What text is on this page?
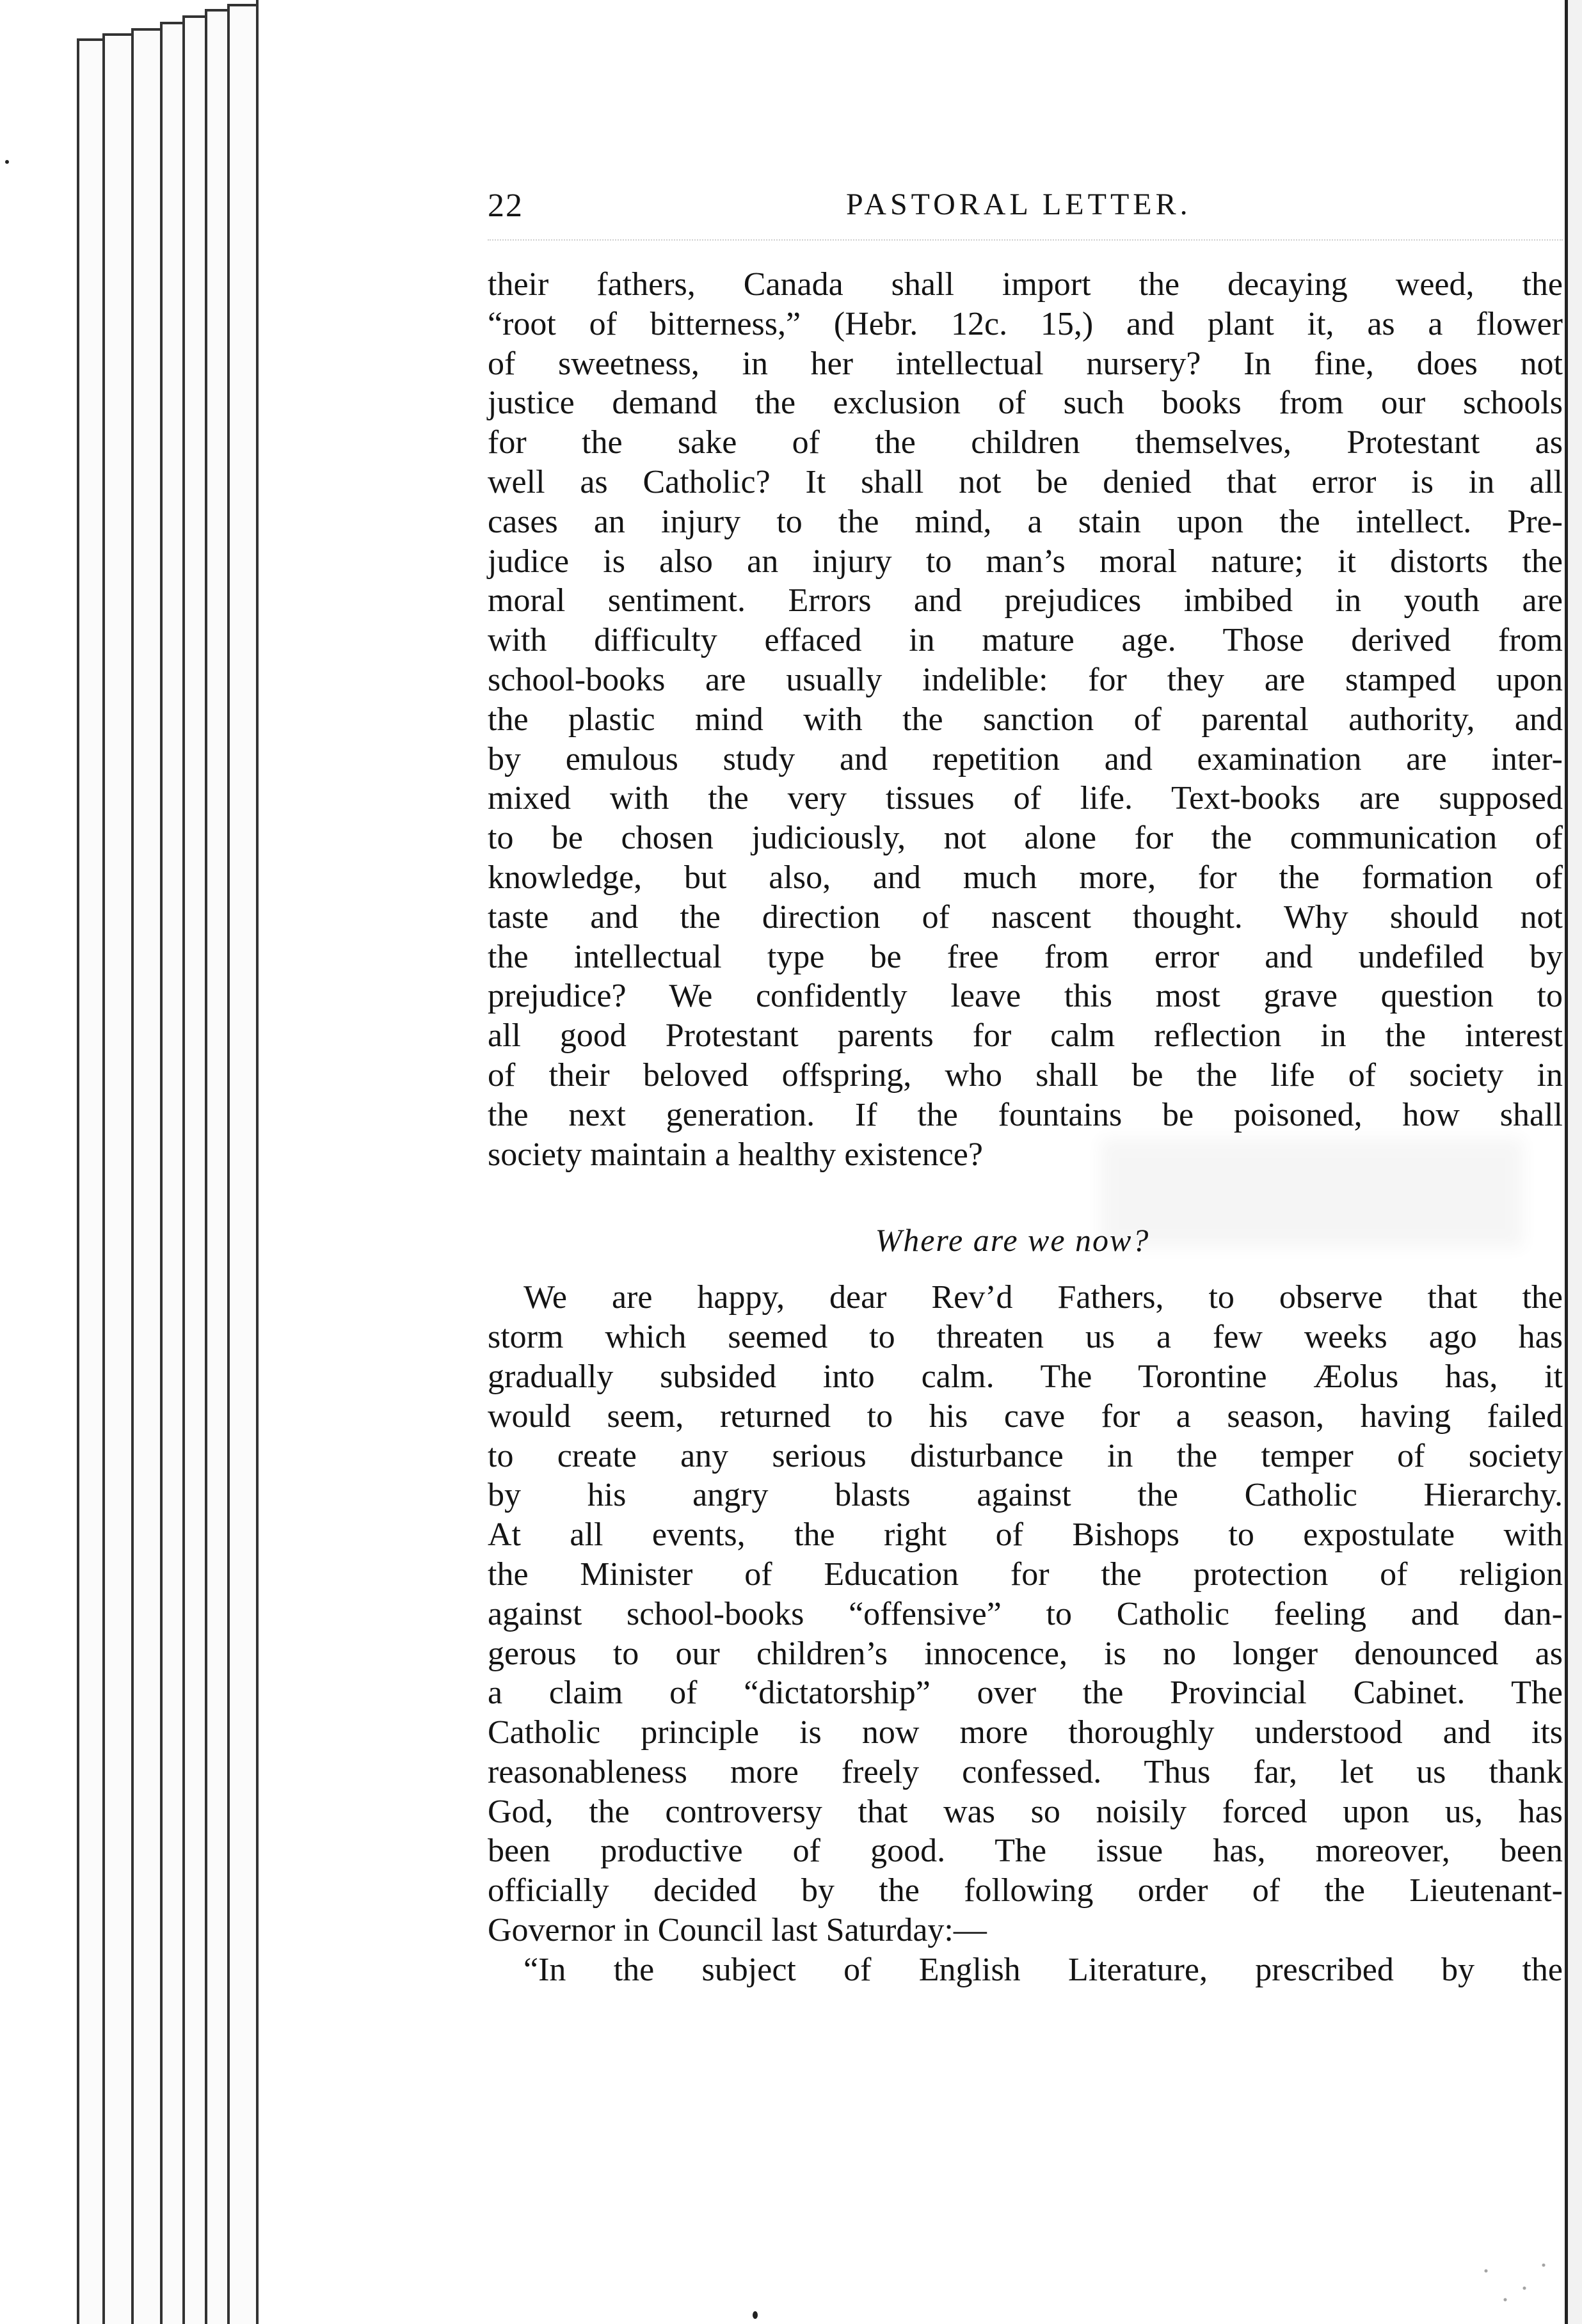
22	PASTORAL LETTER.
their fathers, Canada shall import the decaying weed, the
“root of bitterness,” (Hebr. 12c. 15,) and plant it, as a flower
of sweetness, in her intellectual nursery? In fine, does not
justice demand the exclusion of such books from our schools
for the sake of the children themselves, Protestant as
well as Catholic? It shall not be denied that error is in all
cases an injury to the mind, a stain upon the intellect. Pre-
judice is also an injury to man’s moral nature; it distorts the
moral sentiment. Errors and prejudices imbibed in youth are
with difficulty effaced in mature age. Those derived from
school-books are usually indelible: for they are stamped upon
the plastic mind with the sanction of parental authority, and
by emulous study and repetition and examination are inter-
mixed with the very tissues of life. Text-books are supposed
to be chosen judiciously, not alone for the communication of
knowledge, but also, and much more, for the formation of
taste and the direction of nascent thought. Why should not
the intellectual type be free from error and undefiled by
prejudice? We confidently leave this most grave question to
all good Protestant parents for calm reflection in the interest
of their beloved offspring, who shall be the life of society in
the next generation. If the fountains be poisoned, how shall
society maintain a healthy existence?
Where are we now?
We are happy, dear Rev’d Fathers, to observe that the
storm which seemed to threaten us a few weeks ago has
gradually subsided into calm. The Torontine Æolus has, it
would seem, returned to his cave for a season, having failed
to create any serious disturbance in the temper of society
by his angry blasts against the Catholic Hierarchy.
At all events, the right of Bishops to expostulate with
the Minister of Education for the protection of religion
against school-books “offensive” to Catholic feeling and dan-
gerous to our children’s innocence, is no longer denounced as
a claim of “dictatorship” over the Provincial Cabinet. The
Catholic principle is now more thoroughly understood and its
reasonableness more freely confessed. Thus far, let us thank
God, the controversy that was so noisily forced upon us, has
been productive of good. The issue has, moreover, been
officially decided by the following order of the Lieutenant-
Governor in Council last Saturday:—
“In the subject of English Literature, prescribed by the
